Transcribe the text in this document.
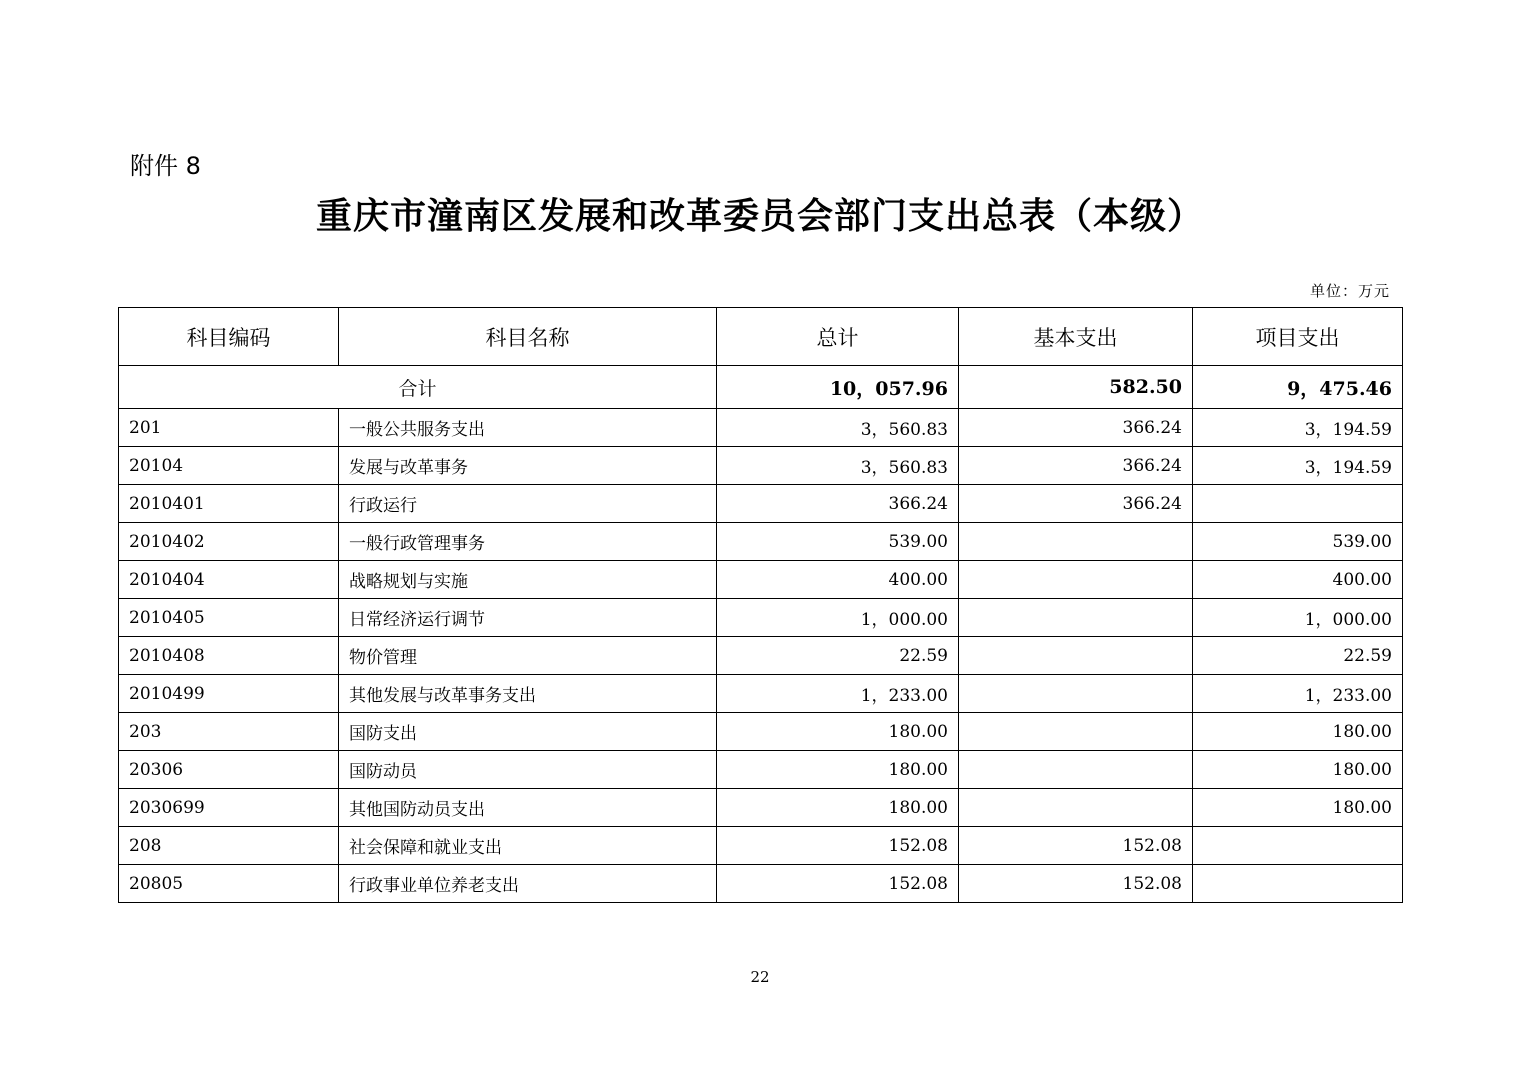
附件 8
重庆市潼南区发展和改革委员会部门支出总表（本级）
单位：万元
科目编码	科目名称	总计	基本支出	项目支出
合计		10，057.96	582.50	9，475.46
201	一般公共服务支出	3，560.83	366.24	3，194.59
20104	发展与改革事务	3，560.83	366.24	3，194.59
2010401	行政运行	366.24	366.24	
2010402	一般行政管理事务	539.00		539.00
2010404	战略规划与实施	400.00		400.00
2010405	日常经济运行调节	1，000.00		1，000.00
2010408	物价管理	22.59		22.59
2010499	其他发展与改革事务支出	1，233.00		1，233.00
203	国防支出	180.00		180.00
20306	国防动员	180.00		180.00
2030699	其他国防动员支出	180.00		180.00
208	社会保障和就业支出	152.08	152.08	
20805	行政事业单位养老支出	152.08	152.08	
22
